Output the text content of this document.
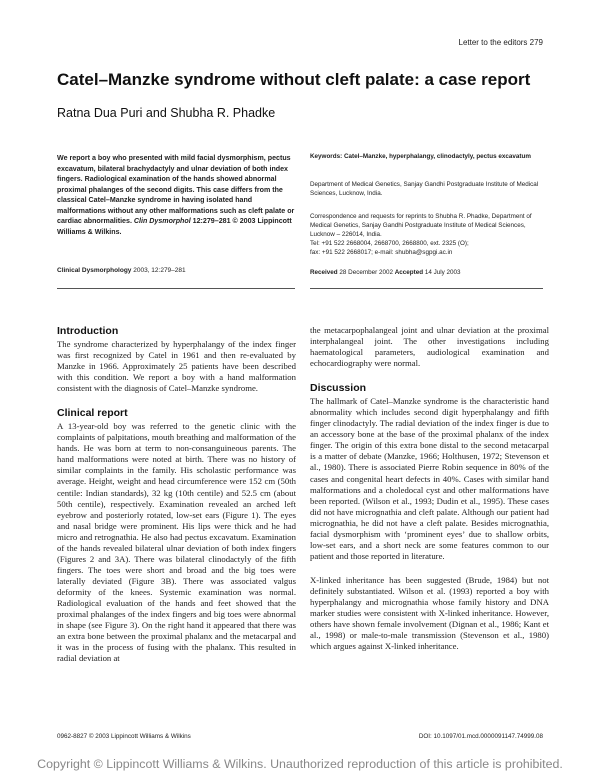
Letter to the editors 279
Catel–Manzke syndrome without cleft palate: a case report
Ratna Dua Puri and Shubha R. Phadke

We report a boy who presented with mild facial dysmorphism, pectus excavatum, bilateral brachydactyly and ulnar deviation of both index fingers. Radiological examination of the hands showed abnormal proximal phalanges of the second digits. This case differs from the classical Catel–Manzke syndrome in having isolated hand malformations without any other malformations such as cleft palate or cardiac abnormalities. Clin Dysmorphol 12:279–281 © 2003 Lippincott Williams & Wilkins.

Clinical Dysmorphology 2003, 12:279–281
Keywords: Catel–Manzke, hyperphalangy, clinodactyly, pectus excavatum
Department of Medical Genetics, Sanjay Gandhi Postgraduate Institute of Medical Sciences, Lucknow, India.
Correspondence and requests for reprints to Shubha R. Phadke, Department of
Medical Genetics, Sanjay Gandhi Postgraduate Institute of Medical Sciences,
Lucknow – 226014, India.
Tel: +91 522 2668004, 2668700, 2668800, ext. 2325 (O);
fax: +91 522 2668017; e-mail: shubha@sgpgi.ac.in
Received 28 December 2002 Accepted 14 July 2003
Introduction

The syndrome characterized by hyperphalangy of the index finger was first recognized by Catel in 1961 and then re-evaluated by Manzke in 1966. Approximately 25 patients have been described with this condition. We report a boy with a hand malformation consistent with the diagnosis of Catel–Manzke syndrome.

Clinical report

A 13-year-old boy was referred to the genetic clinic with the complaints of palpitations, mouth breathing and malformation of the hands. He was born at term to non-consanguineous parents. The hand malformations were noted at birth. There was no history of similar complaints in the family. His scholastic performance was average. Height, weight and head circumference were 152 cm (50th centile: Indian standards), 32 kg (10th centile) and 52.5 cm (about 50th centile), respectively. Examination revealed an arched left eyebrow and posteriorly rotated, low-set ears (Figure 1). The eyes and nasal bridge were prominent. His lips were thick and he had micro and retrognathia. He also had pectus excavatum. Examination of the hands revealed bilateral ulnar deviation of both index fingers (Figures 2 and 3A). There was bilateral clinodactyly of the fifth fingers. The toes were short and broad and the big toes were laterally deviated (Figure 3B). There was associated valgus deformity of the knees. Systemic examination was normal. Radiological evaluation of the hands and feet showed that the proximal phalanges of the index fingers and big toes were abnormal in shape (see Figure 3). On the right hand it appeared that there was an extra bone between the proximal phalanx and the metacarpal and it was in the process of fusing with the phalanx. This resulted in radial deviation at

the metacarpophalangeal joint and ulnar deviation at the proximal interphalangeal joint. The other investigations including haematological parameters, audiological examination and echocardiography were normal.

Discussion

The hallmark of Catel–Manzke syndrome is the characteristic hand abnormality which includes second digit hyperphalangy and fifth finger clinodactyly. The radial deviation of the index finger is due to an accessory bone at the base of the proximal phalanx of the index finger. The origin of this extra bone distal to the second metacarpal is a matter of debate (Manzke, 1966; Holthusen, 1972; Stevenson et al., 1980). There is associated Pierre Robin sequence in 80% of the cases and congenital heart defects in 40%. Cases with similar hand malformations and a choledocal cyst and other malformations have been reported. (Wilson et al., 1993; Dudin et al., 1995). These cases did not have micrognathia and cleft palate. Although our patient had micrognathia, he did not have a cleft palate. Besides micrognathia, facial dysmorphism with ‘prominent eyes’ due to shallow orbits, low-set ears, and a short neck are some features common to our patient and those reported in literature.

X-linked inheritance has been suggested (Brude, 1984) but not definitely substantiated. Wilson et al. (1993) reported a boy with hyperphalangy and micrognathia whose family history and DNA marker studies were consistent with X-linked inheritance. However, others have shown female involvement (Dignan et al., 1986; Kant et al., 1998) or male-to-male transmission (Stevenson et al., 1980) which argues against X-linked inheritance.

0962-8827 © 2003 Lippincott Williams & Wilkins	DOI: 10.1097/01.mcd.0000091147.74999.08
Copyright © Lippincott Williams & Wilkins. Unauthorized reproduction of this article is prohibited.
